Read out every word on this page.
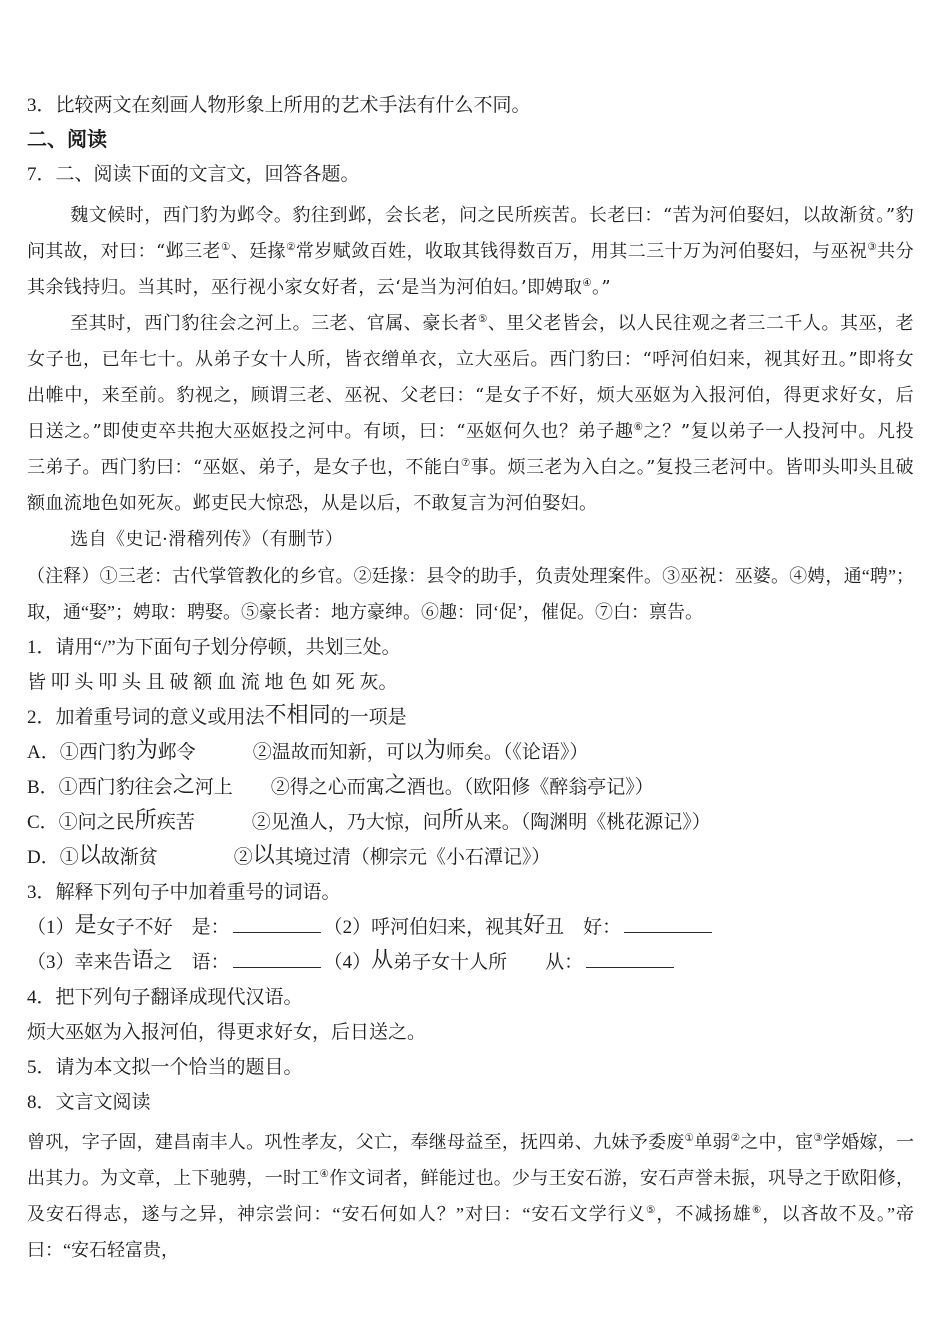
3．比较两文在刻画人物形象上所用的艺术手法有什么不同。
二、阅读
7．二、阅读下面的文言文，回答各题。
魏文候时，西门豹为邺令。豹往到邺，会长老，问之民所疾苦。长老曰：“苦为河伯娶妇，以故渐贫。”豹问其故，对曰：“邺三老①、廷掾②常岁赋敛百姓，收取其钱得数百万，用其二三十万为河伯娶妇，与巫祝③共分其余钱持归。当其时，巫行视小家女好者，云‘是当为河伯妇。’即娉取④。”
至其时，西门豹往会之河上。三老、官属、豪长者⑤、里父老皆会，以人民往观之者三二千人。其巫，老女子也，已年七十。从弟子女十人所，皆衣缯单衣，立大巫后。西门豹曰：“呼河伯妇来，视其好丑。”即将女出帷中，来至前。豹视之，顾谓三老、巫祝、父老曰：“是女子不好，烦大巫妪为入报河伯，得更求好女，后日送之。”即使吏卒共抱大巫妪投之河中。有顷，曰：“巫妪何久也？弟子趣⑥之？”复以弟子一人投河中。凡投三弟子。西门豹曰：“巫妪、弟子，是女子也，不能白⑦事。烦三老为入白之。”复投三老河中。皆叩头叩头且破额血流地色如死灰。邺吏民大惊恐，从是以后，不敢复言为河伯娶妇。
选自《史记·滑稽列传》（有删节）
（注释）①三老：古代掌管教化的乡官。②廷掾：县令的助手，负责处理案件。③巫祝：巫婆。④娉，通“聘”；取，通“娶”；娉取：聘娶。⑤豪长者：地方豪绅。⑥趣：同‘促’，催促。⑦白：禀告。
1．请用“/”为下面句子划分停顿，共划三处。
皆 叩 头 叩 头 且 破 额 血 流 地 色 如 死 灰。
2．加着重号词的意义或用法不相同的一项是
A．①西门豹为邺令　　　②温故而知新，可以为师矣。（《论语》）
B．①西门豹往会之河上　　②得之心而寓之酒也。（欧阳修《醉翁亭记》）
C．①问之民所疾苦　　　②见渔人，乃大惊，问所从来。（陶渊明《桃花源记》）
D．①以故渐贫　　　　②以其境过清（柳宗元《小石潭记》）
3．解释下列句子中加着重号的词语。
（1）是女子不好　是：	（2）呼河伯妇来，视其好丑　好：
（3）幸来告语之　语：	（4）从弟子女十人所　　从：
4．把下列句子翻译成现代汉语。
烦大巫妪为入报河伯，得更求好女，后日送之。
5．请为本文拟一个恰当的题目。
8．文言文阅读
曾巩，字子固，建昌南丰人。巩性孝友，父亡，奉继母益至，抚四弟、九妹予委废①单弱②之中，宦③学婚嫁，一出其力。为文章，上下驰骋，一时工④作文词者，鲜能过也。少与王安石游，安石声誉未振，巩导之于欧阳修，及安石得志，遂与之异，神宗尝问：“安石何如人？”对曰：“安石文学行义⑤，不减扬雄⑥，以吝故不及。”帝曰：“安石轻富贵，
